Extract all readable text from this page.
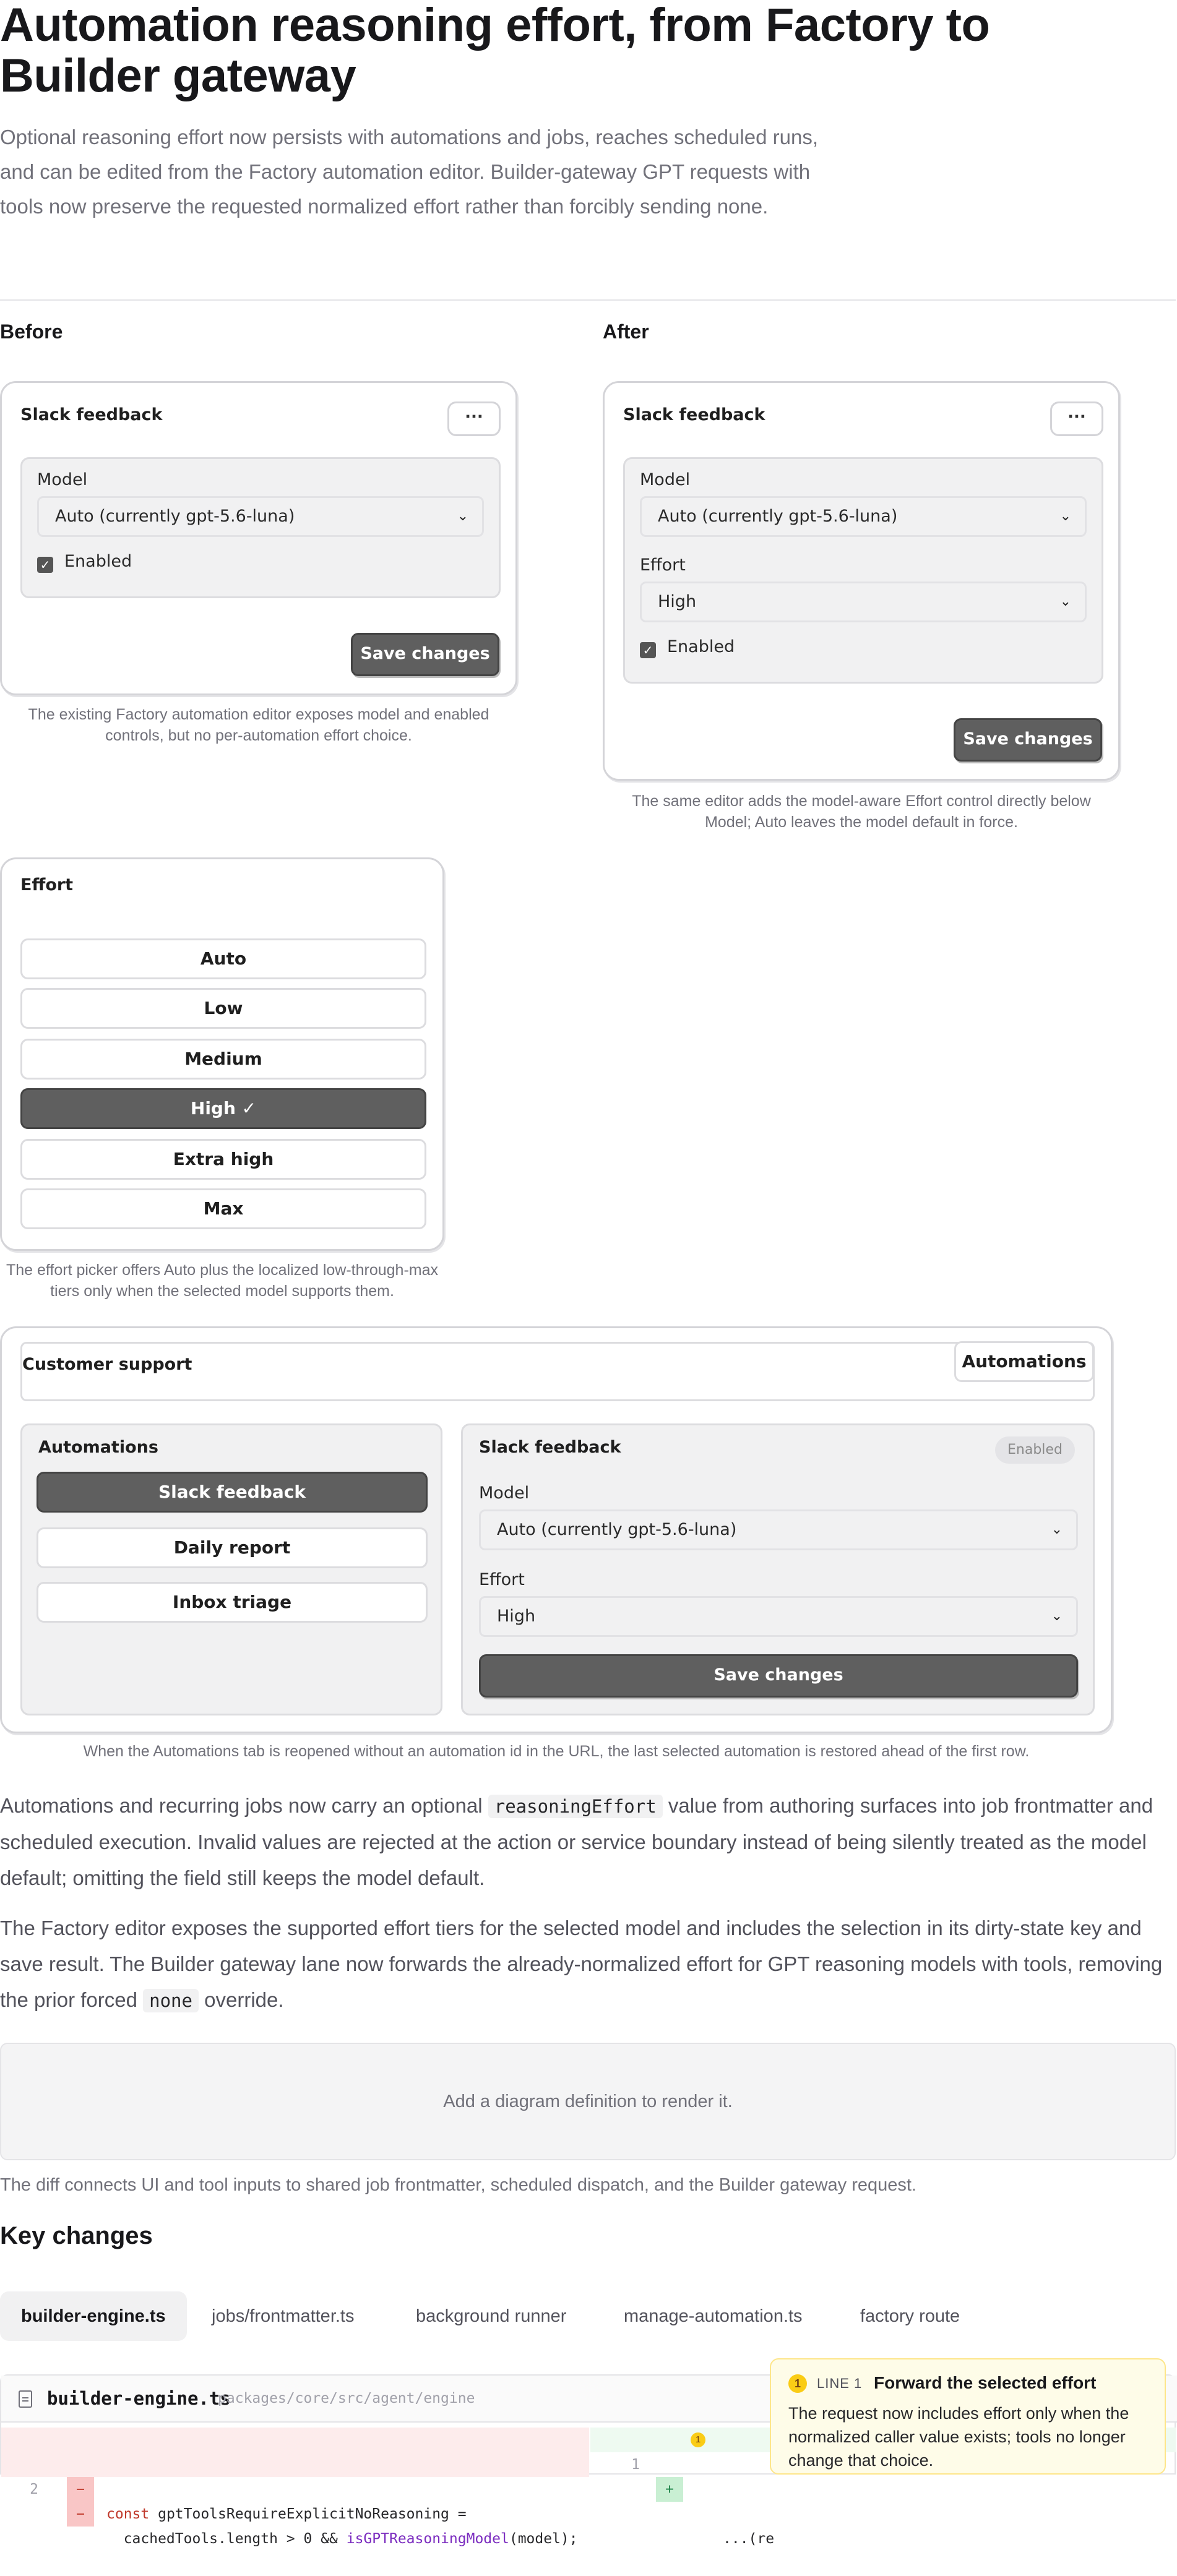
Automation reasoning effort, from Factory to Builder gateway

Optional reasoning effort now persists with automations and jobs, reaches scheduled runs, and can be edited from the Factory automation editor. Builder-gateway GPT requests with tools now preserve the requested normalized effort rather than forcibly sending none.

Before
Slack feedback	···
Model
Auto (currently gpt-5.6-luna)	⌄
✓ Enabled
Save changes
The existing Factory automation editor exposes model and enabled controls, but no per-automation effort choice.
After
Slack feedback	···
Model
Auto (currently gpt-5.6-luna)	⌄
Effort
High	⌄
✓ Enabled
Save changes
The same editor adds the model-aware Effort control directly below Model; Auto leaves the model default in force.
Effort
Auto
Low
Medium
High ✓
Extra high
Max
The effort picker offers Auto plus the localized low-through-max tiers only when the selected model supports them.
Customer support	Automations
Automations
Slack feedback
Daily report
Inbox triage
Slack feedback	Enabled
Model
Auto (currently gpt-5.6-luna)	⌄
Effort
High	⌄
Save changes
When the Automations tab is reopened without an automation id in the URL, the last selected automation is restored ahead of the first row.

Automations and recurring jobs now carry an optional reasoningEffort value from authoring surfaces into job frontmatter and scheduled execution. Invalid values are rejected at the action or service boundary instead of being silently treated as the model default; omitting the field still keeps the model default.

The Factory editor exposes the supported effort tiers for the selected model and includes the selection in its dirty-state key and save result. The Builder gateway lane now forwards the already-normalized effort for GPT reasoning models with tools, removing the prior forced none override.

Add a diagram definition to render it.
The diff connects UI and tool inputs to shared job frontmatter, scheduled dispatch, and the Builder gateway request.
Key changes
builder-engine.ts	jobs/frontmatter.ts	background runner	manage-automation.ts	factory route
builder-engine.ts
packages/core/src/agent/engine

−

const gptToolsRequireExplicitNoReasoning =

2

−

cachedTools.length > 0 && isGPTReasoningModel(model);

1

+

1

...(re

1	LINE 1 Forward the selected effort

The request now includes effort only when the normalized caller value exists; tools no longer change that choice.
